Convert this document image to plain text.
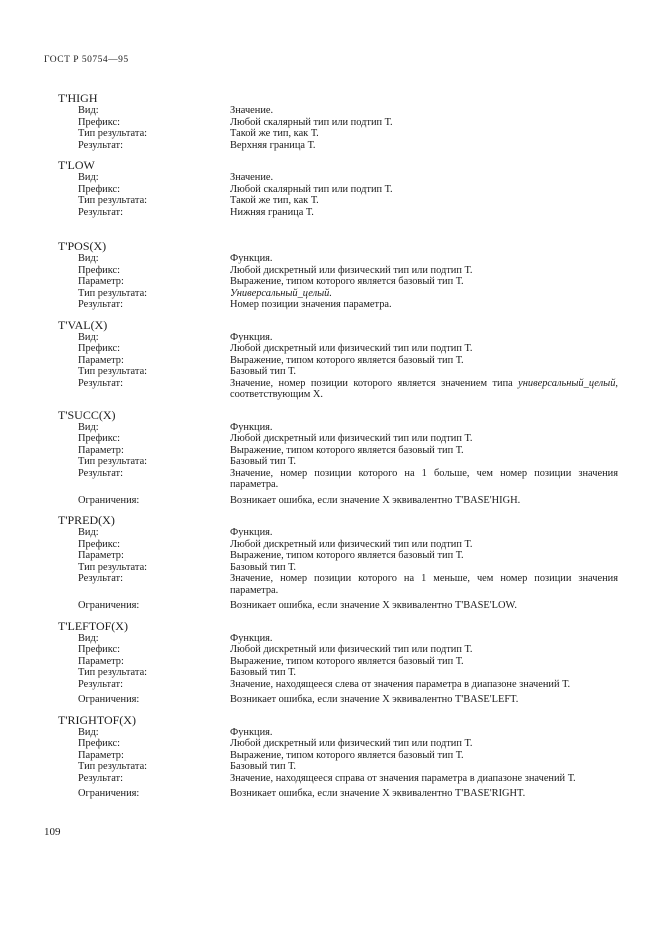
ГОСТ Р 50754—95
T'HIGH
Вид:	Значение.
Префикс:	Любой скалярный тип или подтип Т.
Тип результата:	Такой же тип, как Т.
Результат:	Верхняя граница Т.
T'LOW
Вид:	Значение.
Префикс:	Любой скалярный тип или подтип Т.
Тип результата:	Такой же тип, как Т.
Результат:	Нижняя граница Т.
T'POS(X)
Вид:	Функция.
Префикс:	Любой дискретный или физический тип или подтип Т.
Параметр:	Выражение, типом которого является базовый тип Т.
Тип результата:	Универсальный_целый.
Результат:	Номер позиции значения параметра.
T'VAL(X)
Вид:	Функция.
Префикс:	Любой дискретный или физический тип или подтип Т.
Параметр:	Выражение, типом которого является базовый тип Т.
Тип результата:	Базовый тип Т.
Результат:	Значение, номер позиции которого является значением типа универсальный_целый, соответствующим X.
T'SUCC(X)
Вид:	Функция.
Префикс:	Любой дискретный или физический тип или подтип Т.
Параметр:	Выражение, типом которого является базовый тип Т.
Тип результата:	Базовый тип Т.
Результат:	Значение, номер позиции которого на 1 больше, чем номер позиции значения параметра.
Ограничения:	Возникает ошибка, если значение X эквивалентно T'BASE'HIGH.
T'PRED(X)
Вид:	Функция.
Префикс:	Любой дискретный или физический тип или подтип Т.
Параметр:	Выражение, типом которого является базовый тип Т.
Тип результата:	Базовый тип Т.
Результат:	Значение, номер позиции которого на 1 меньше, чем номер позиции значения параметра.
Ограничения:	Возникает ошибка, если значение X эквивалентно T'BASE'LOW.
T'LEFTOF(X)
Вид:	Функция.
Префикс:	Любой дискретный или физический тип или подтип Т.
Параметр:	Выражение, типом которого является базовый тип Т.
Тип результата:	Базовый тип Т.
Результат:	Значение, находящееся слева от значения параметра в диапазоне значений Т.
Ограничения:	Возникает ошибка, если значение X эквивалентно T'BASE'LEFT.
T'RIGHTOF(X)
Вид:	Функция.
Префикс:	Любой дискретный или физический тип или подтип Т.
Параметр:	Выражение, типом которого является базовый тип Т.
Тип результата:	Базовый тип Т.
Результат:	Значение, находящееся справа от значения параметра в диапазоне значений Т.
Ограничения:	Возникает ошибка, если значение X эквивалентно T'BASE'RIGHT.
109
